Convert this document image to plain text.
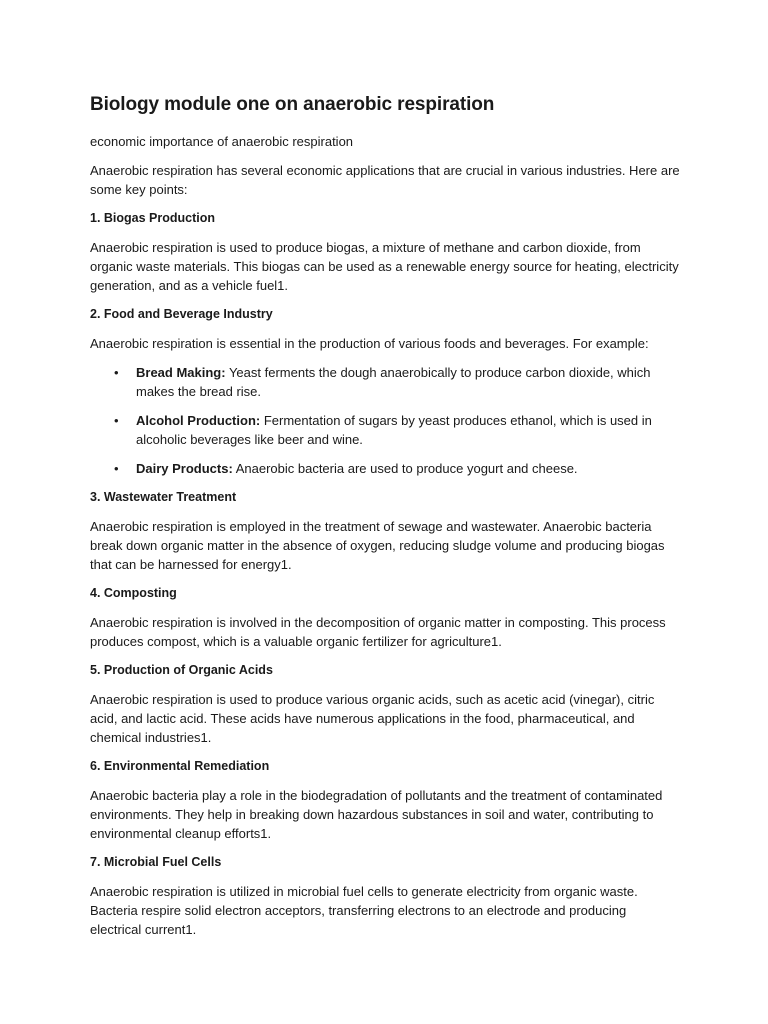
Biology module one on anaerobic respiration

economic importance of anaerobic respiration

Anaerobic respiration has several economic applications that are crucial in various industries. Here are some key points:

1. Biogas Production

Anaerobic respiration is used to produce biogas, a mixture of methane and carbon dioxide, from organic waste materials. This biogas can be used as a renewable energy source for heating, electricity generation, and as a vehicle fuel1.

2. Food and Beverage Industry

Anaerobic respiration is essential in the production of various foods and beverages. For example:

• Bread Making: Yeast ferments the dough anaerobically to produce carbon dioxide, which makes the bread rise.
• Alcohol Production: Fermentation of sugars by yeast produces ethanol, which is used in alcoholic beverages like beer and wine.
• Dairy Products: Anaerobic bacteria are used to produce yogurt and cheese.

3. Wastewater Treatment

Anaerobic respiration is employed in the treatment of sewage and wastewater. Anaerobic bacteria break down organic matter in the absence of oxygen, reducing sludge volume and producing biogas that can be harnessed for energy1.

4. Composting

Anaerobic respiration is involved in the decomposition of organic matter in composting. This process produces compost, which is a valuable organic fertilizer for agriculture1.

5. Production of Organic Acids

Anaerobic respiration is used to produce various organic acids, such as acetic acid (vinegar), citric acid, and lactic acid. These acids have numerous applications in the food, pharmaceutical, and chemical industries1.

6. Environmental Remediation

Anaerobic bacteria play a role in the biodegradation of pollutants and the treatment of contaminated environments. They help in breaking down hazardous substances in soil and water, contributing to environmental cleanup efforts1.

7. Microbial Fuel Cells

Anaerobic respiration is utilized in microbial fuel cells to generate electricity from organic waste. Bacteria respire solid electron acceptors, transferring electrons to an electrode and producing electrical current1.
